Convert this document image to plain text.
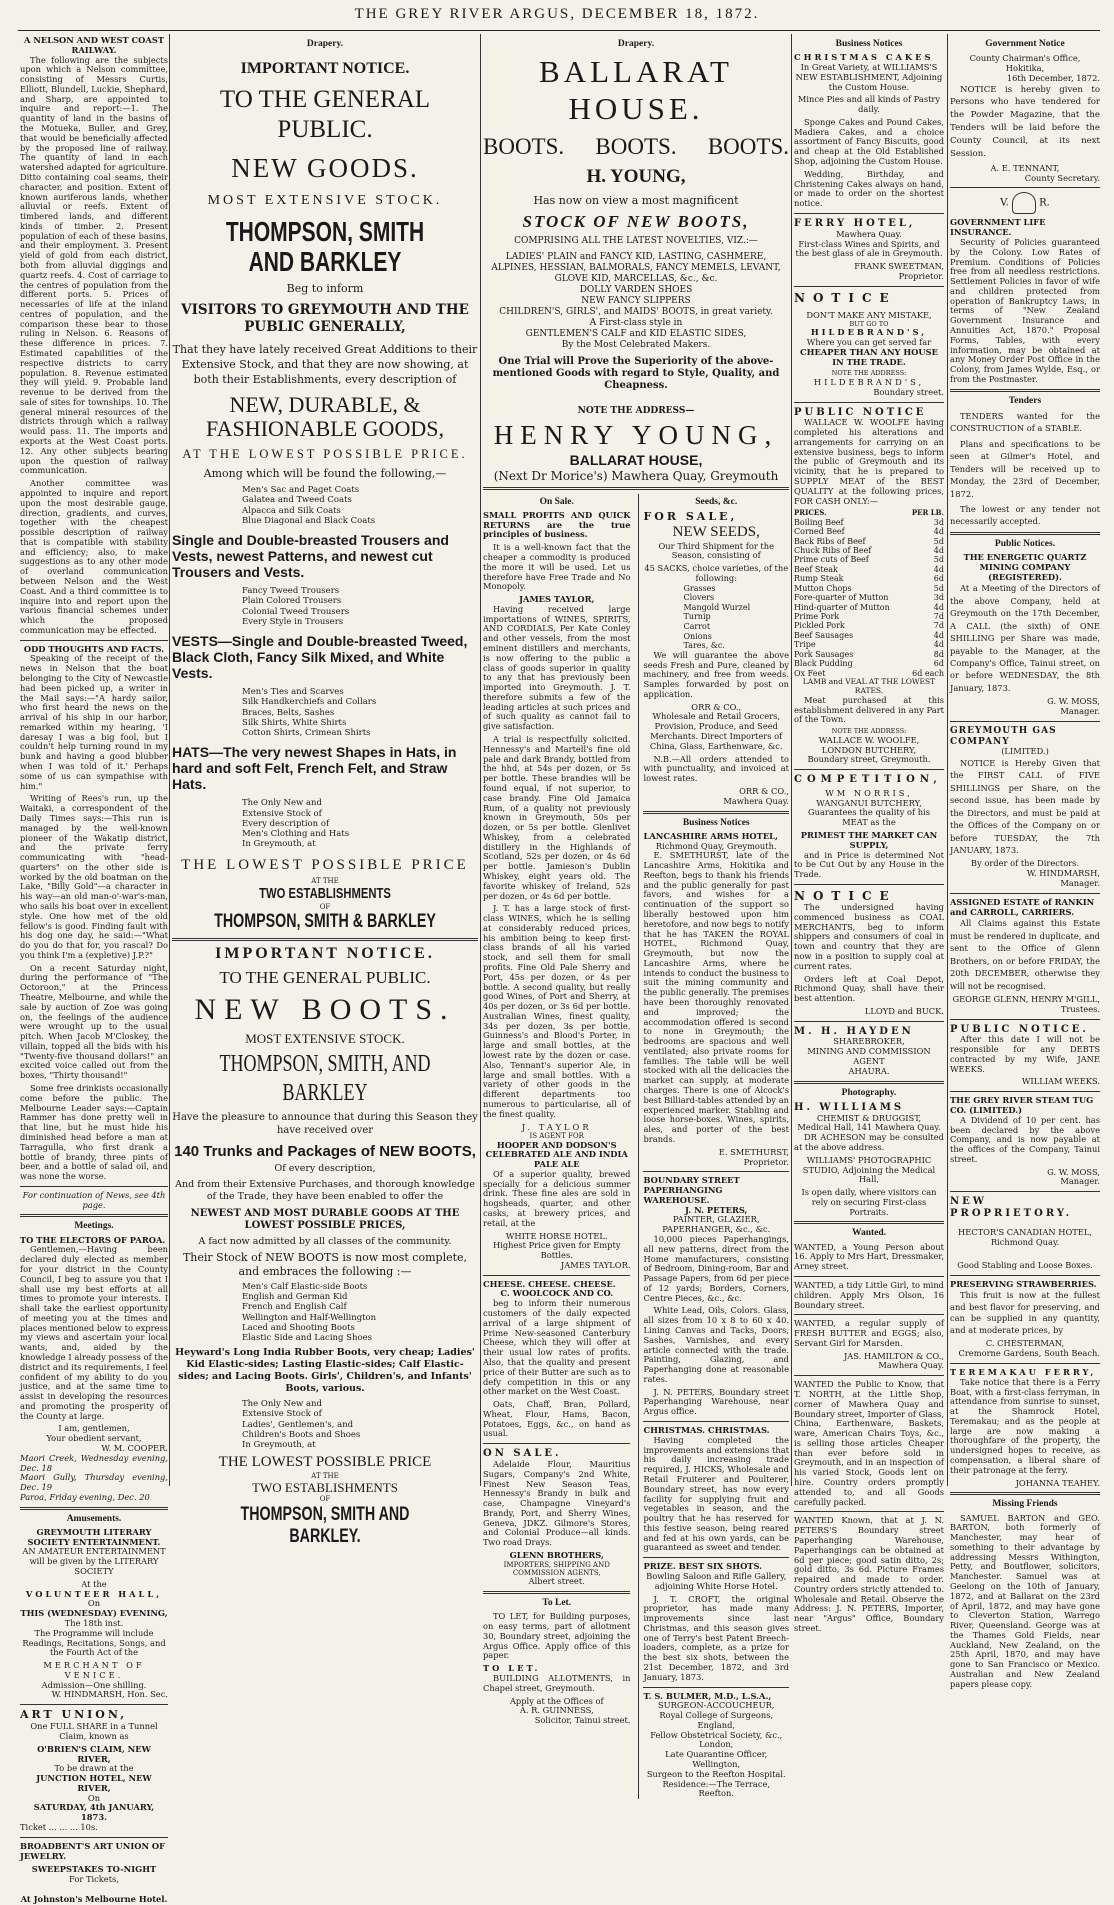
THE GREY RIVER ARGUS, DECEMBER 18, 1872.
A NELSON AND WEST COAST RAILWAY.

The following are the subjects upon which a Nelson committee, consisting of Messrs Curtis, Elliott, Blundell, Luckie, Shephard, and Sharp, are appointed to inquire and report:—1. The quantity of land in the basins of the Motueka, Buller, and Grey, that would be beneficially affected by the proposed line of railway. The quantity of land in each watershed adapted for agriculture. Ditto containing coal seams, their character, and position. Extent of known auriferous lands, whether alluvial or reefs. Extent of timbered lands, and different kinds of timber. 2. Present population of each of these basins, and their employment. 3. Present yield of gold from each district, both from alluvial diggings and quartz reefs. 4. Cost of carriage to the centres of population from the different ports. 5. Prices of necessaries of life at the inland centres of population, and the comparison these bear to those ruling in Nelson. 6. Reasons of these difference in prices. 7. Estimated capabilities of the respective districts to carry population. 8. Revenue estimated they will yield. 9. Probable land revenue to be derived from the sale of sites for townships. 10. The general mineral resources of the districts through which a railway would pass. 11. The imports and exports at the West Coast ports. 12. Any other subjects bearing upon the question of railway communication.

Another committee was appointed to inquire and report upon the most desirable gauge, direction, gradients, and curves, together with the cheapest possible description of railway that is compatible with stability and efficiency; also, to make suggestions as to any other mode of overland communication between Nelson and the West Coast. And a third committee is to inquire into and report upon the various financial schemes under which the proposed communication may be effected.

ODD THOUGHTS AND FACTS.

Speaking of the receipt of the news in Nelson that the boat belonging to the City of Newcastle had been picked up, a writer in the Mail says:—"A hardy sailor, who first heard the news on the arrival of his ship in our harbor, remarked within my hearing, 'I daresay I was a big fool, but I couldn't help turning round in my bunk and having a good blubber when I was told of it.' Perhaps some of us can sympathise with him."

Writing of Rees's run, up the Waitaki, a correspondent of the Daily Times says:—This run is managed by the well-known pioneer of the Wakatip district, and the private ferry communicating with "head-quarters" on the other side is worked by the old boatman on the Lake, "Billy Gold"—a character in his way—an old man-o'-war's-man, who sails his boat over in excellent style. One how met of the old fellow's is good. Finding fault with his dog one day, he said:—"What do you do that for, you rascal? Do you think I'm a (expletive) J.P.?"

On a recent Saturday night, during the performance of "The Octoroon," at the Princess Theatre, Melbourne, and while the sale by auction of Zoe was going on, the feelings of the audience were wrought up to the usual pitch. When Jacob M'Closkey, the villain, topped all the bids with his "Twenty-five thousand dollars!" an excited voice called out from the boxes, "Thirty thousand!"

Some free drinkists occasionally come before the public. The Melbourne Leader says:—Captain Rammer has done pretty well in that line, but he must hide his diminished head before a man at Tarragulla, who first drank a bottle of brandy, three pints of beer, and a bottle of salad oil, and was none the worse.

For continuation of News, see 4th page.
Meetings.
TO THE ELECTORS OF PAROA.

Gentlemen,—Having been declared duly elected as member for your district in the County Council, I beg to assure you that I shall use my best efforts at all times to promote your interests. I shall take the earliest opportunity of meeting you at the times and places mentioned below to express my views and ascertain your local wants, and, aided by the knowledge I already possess of the district and its requirements, I feel confident of my ability to do you justice, and at the same time to assist in developing the resources and promoting the prosperity of the County at large.

I am, gentlemen,
Your obedient servant,
W. M. COOPER.

Maori Creek, Wednesday evening, Dec. 18
Maori Gully, Thursday evening, Dec. 19
Paroa, Friday evening, Dec. 20

Amusements.
GREYMOUTH LITERARY SOCIETY ENTERTAINMENT.

AN AMATEUR ENTERTAINMENT will be given by the LITERARY SOCIETY

At the
VOLUNTEER HALL,
On
THIS (WEDNESDAY) EVENING,
The 18th inst.

The Programme will include Readings, Recitations, Songs, and the Fourth Act of the

MERCHANT OF VENICE.
Admission—One shilling.
W. HINDMARSH, Hon. Sec.
ART UNION,

One FULL SHARE in a Tunnel Claim, known as

O'BRIEN'S CLAIM, NEW RIVER,
To be drawn at the
JUNCTION HOTEL, NEW RIVER,
On
SATURDAY, 4th JANUARY, 1873.
Ticket ... ... ... 10s.
BROADBENT'S ART UNION OF JEWELRY.
SWEEPSTAKES TO-NIGHT
For Tickets,
At Johnston's Melbourne Hotel.
Drapery.
IMPORTANT NOTICE.
TO THE GENERAL PUBLIC.
NEW GOODS.
MOST EXTENSIVE STOCK.
THOMPSON, SMITH AND BARKLEY
Beg to inform
VISITORS TO GREYMOUTH AND THE PUBLIC GENERALLY,
That they have lately received Great Additions to their Extensive Stock, and that they are now showing, at both their Establishments, every description of
NEW, DURABLE, & FASHIONABLE GOODS,
AT THE LOWEST POSSIBLE PRICE.
Among which will be found the following,—
Men's Sac and Paget Coats
Galatea and Tweed Coats
Alpacca and Silk Coats
Blue Diagonal and Black Coats
Single and Double-breasted Trousers and Vests, newest Patterns, and newest cut Trousers and Vests.
Fancy Tweed Trousers
Plain Colored Trousers
Colonial Tweed Trousers
Every Style in Trousers
VESTS—Single and Double-breasted Tweed, Black Cloth, Fancy Silk Mixed, and White Vests.
Men's Ties and Scarves
Silk Handkerchiefs and Collars
Braces, Belts, Sashes
Silk Shirts, White Shirts
Cotton Shirts, Crimean Shirts
HATS—The very newest Shapes in Hats, in hard and soft Felt, French Felt, and Straw Hats.
The Only New and
Extensive Stock of
Every description of
Men's Clothing and Hats
In Greymouth, at
THE LOWEST POSSIBLE PRICE
AT THE
TWO ESTABLISHMENTS
OF
THOMPSON, SMITH & BARKLEY
IMPORTANT NOTICE.
TO THE GENERAL PUBLIC.
NEW BOOTS.
MOST EXTENSIVE STOCK.
THOMPSON, SMITH, AND BARKLEY
Have the pleasure to announce that during this Season they have received over
140 Trunks and Packages of NEW BOOTS,
Of every description,
And from their Extensive Purchases, and thorough knowledge of the Trade, they have been enabled to offer the
NEWEST AND MOST DURABLE GOODS AT THE LOWEST POSSIBLE PRICES,
A fact now admitted by all classes of the community.
Their Stock of NEW BOOTS is now most complete, and embraces the following :—
Men's Calf Elastic-side Boots
English and German Kid
French and English Calf
Wellington and Half-Wellington
Laced and Shooting Boots
Elastic Side and Lacing Shoes
Heyward's Long India Rubber Boots, very cheap; Ladies' Kid Elastic-sides; Lasting Elastic-sides; Calf Elastic-sides; and Lacing Boots. Girls', Children's, and Infants' Boots, various.
The Only New and
Extensive Stock of
Ladies', Gentlemen's, and
Children's Boots and Shoes
In Greymouth, at
THE LOWEST POSSIBLE PRICE
AT THE
TWO ESTABLISHMENTS
OF
THOMPSON, SMITH AND BARKLEY.
Drapery.
BALLARAT HOUSE.
BOOTS. BOOTS. BOOTS.
H. YOUNG,
Has now on view a most magnificent
STOCK OF NEW BOOTS,
COMPRISING ALL THE LATEST NOVELTIES, VIZ.:—
LADIES' PLAIN and FANCY KID, LASTING, CASHMERE, ALPINES, HESSIAN, BALMORALS, FANCY MEMELS, LEVANT, GLOVE KID, MARCELLAS, &c., &c.
DOLLY VARDEN SHOES
NEW FANCY SLIPPERS
CHILDREN'S, GIRLS', and MAIDS' BOOTS, in great variety.
A First-class style in
GENTLEMEN'S CALF and KID ELASTIC SIDES,
By the Most Celebrated Makers.
One Trial will Prove the Superiority of the above-mentioned Goods with regard to Style, Quality, and Cheapness.
NOTE THE ADDRESS—
HENRY YOUNG,
BALLARAT HOUSE,
(Next Dr Morice's) Mawhera Quay, Greymouth
On Sale.

SMALL PROFITS AND QUICK RETURNS are the true principles of business.

It is a well-known fact that the cheaper a commodity is produced the more it will be used. Let us therefore have Free Trade and No Monopoly.

JAMES TAYLOR,

Having received large importations of WINES, SPIRITS, AND CORDIALS, Per Kate Conley and other vessels, from the most eminent distillers and merchants, is now offering to the public a class of goods superior in quality to any that has previously been imported into Greymouth. J. T. therefore submits a few of the leading articles at such prices and of such quality as cannot fail to give satisfaction.

A trial is respectfully solicited. Hennessy's and Martell's fine old pale and dark Brandy, bottled from the hhd, at 54s per dozen, or 5s per bottle. These brandies will be found equal, if not superior, to case brandy. Fine Old Jamaica Rum, of a quality not previously known in Greymouth, 50s per dozen, or 5s per bottle. Glenlivet Whiskey, from a celebrated distillery in the Highlands of Scotland, 52s per dozen, or 4s 6d per bottle. Jamieson's Dublin Whiskey, eight years old. The favorite whiskey of Ireland, 52s per dozen, or 4s 6d per bottle.

J. T. has a large stock of first-class WINES, which he is selling at considerably reduced prices, his ambition being to keep first-class brands of all his varied stock, and sell them for small profits. Fine Old Pale Sherry and Port, 45s per dozen, or 4s per bottle. A second quality, but really good Wines, of Port and Sherry, at 40s per dozen, or 3s 6d per bottle. Australian Wines, finest quality, 34s per dozen, 3s per bottle. Guinness's and Blood's Porter, in large and small bottles, at the lowest rate by the dozen or case. Also, Tennant's superior Ale, in large and small bottles. With a variety of other goods in the different departments too numerous to particularise, all of the finest quality.

J. TAYLOR
IS AGENT FOR
HOOPER AND DODSON'S CELEBRATED ALE AND INDIA PALE ALE

Of a superior quality, brewed specially for a delicious summer drink. These fine ales are sold in hogsheads, quarter, and other casks, at brewery prices, and retail, at the

WHITE HORSE HOTEL.
Highest Price given for Empty Bottles.
JAMES TAYLOR.
CHEESE. CHEESE. CHEESE.
C. WOOLCOCK AND CO.

beg to inform their numerous customers of the daily expected arrival of a large shipment of Prime New-seasoned Canterbury Cheese, which they will offer at their usual low rates of profits. Also, that the quality and present price of their Butter are such as to defy competition in this or any other market on the West Coast.

Oats, Chaff, Bran, Pollard, Wheat, Flour, Hams, Bacon, Potatoes, Eggs, &c., on hand as usual.

ON SALE.

Adelaide Flour, Mauritius Sugars, Company's 2nd White, Finest New Season Teas, Hennessy's Brandy in bulk and case, Champagne Vineyard's Brandy, Port, and Sherry Wines, Geneva, JDKZ. Gilmore's Stores, and Colonial Produce—all kinds. Two road Drays.

GLENN BROTHERS,
IMPORTERS, SHIPPING AND COMMISSION AGENTS,
Albert street.
To Let.

TO LET, for Building purposes, on easy terms, part of allotment 30, Boundary street, adjoining the Argus Office. Apply office of this paper.

TO LET.

BUILDING ALLOTMENTS, in Chapel street, Greymouth.

Apply at the Offices of
A. R. GUINNESS,
Solicitor, Tainui street.
Seeds, &c.
FOR SALE,
NEW SEEDS,

Our Third Shipment for the Season, consisting of

45 SACKS, choice varieties, of the following:
Grasses
Clovers
Mangold Wurzel
Turnip
Carrot
Onions
Tares, &c.

We will guarantee the above seeds Fresh and Pure, cleaned by machinery, and free from weeds. Samples forwarded by post on application.

ORR & CO.,

Wholesale and Retail Grocers, Provision, Produce, and Seed Merchants. Direct Importers of China, Glass, Earthenware, &c.

N.B.—All orders attended to with punctuality, and invoiced at lowest rates.

ORR & CO.,
Mawhera Quay.
Business Notices
LANCASHIRE ARMS HOTEL,
Richmond Quay, Greymouth.

E. SMETHURST, late of the Lancashire Arms, Hokitika and Reefton, begs to thank his friends and the public generally for past favors, and wishes for a continuation of the support so liberally bestowed upon him heretofore, and now begs to notify that he has TAKEN the ROYAL HOTEL, Richmond Quay, Greymouth, but now the Lancashire Arms, where he intends to conduct the business to suit the mining community and the public generally. The premises have been thoroughly renovated and improved; the accommodation offered is second to none in Greymouth; the bedrooms are spacious and well ventilated; also private rooms for families. The table will be well stocked with all the delicacies the market can supply, at moderate charges. There is one of Alcock's best Billiard-tables attended by an experienced marker. Stabling and loose horse-boxes. Wines, spirits, ales, and porter of the best brands.

E. SMETHURST,
Proprietor.
BOUNDARY STREET PAPERHANGING WAREHOUSE.
J. N. PETERS,
PAINTER, GLAZIER, PAPERHANGER, &c., &c.

10,000 pieces Paperhangings, all new patterns, direct from the Home manufacturers, consisting of Bedroom, Dining-room, Bar and Passage Papers, from 6d per piece of 12 yards; Borders, Corners, Centre Pieces, &c., &c.

White Lead, Oils, Colors. Glass, all sizes from 10 x 8 to 60 x 40. Lining Canvas and Tacks, Doors, Sashes, Varnishes, and every article connected with the trade. Painting, Glazing, and Paperhanging done at reasonable rates.

J. N. PETERS, Boundary street Paperhanging Warehouse, near Argus office.

CHRISTMAS. CHRISTMAS.

Having completed the improvements and extensions that his daily increasing trade required, J. HICKS, Wholesale and Retail Fruiterer and Poulterer, Boundary street, has now every facility for supplying fruit and vegetables in season, and the poultry that he has reserved for this festive season, being reared and fed at his own yards, can be guaranteed as sweet and tender.

PRIZE. BEST SIX SHOTS.

Bowling Saloon and Rifle Gallery, adjoining White Horse Hotel.

J. T. CROFT, the original proprietor, has made many improvements since last Christmas, and this season gives one of Terry's best Patent Breech-loaders, complete, as a prize for the best six shots, between the 21st December, 1872, and 3rd January, 1873.

T. S. BULMER, M.D., L.S.A.,
SURGEON-ACCOUCHEUR,
Royal College of Surgeons, England,
Fellow Obstetrical Society, &c., London,
Late Quarantine Officer, Wellington,
Surgeon to the Reefton Hospital.
Residence:—The Terrace, Reefton.
Business Notices
CHRISTMAS CAKES

In Great Variety, at WILLIAMS'S NEW ESTABLISHMENT, Adjoining the Custom House.

Mince Pies and all kinds of Pastry daily.

Sponge Cakes and Pound Cakes, Madiera Cakes, and a choice assortment of Fancy Biscuits, good and cheap at the Old Established Shop, adjoining the Custom House.

Wedding, Birthday, and Christening Cakes always on hand, or made to order on the shortest notice.

FERRY HOTEL,
Mawhera Quay.

First-class Wines and Spirits, and the best glass of ale in Greymouth.

FRANK SWEETMAN,
Proprietor.
NOTICE
DON'T MAKE ANY MISTAKE,
BUT GO TO
HILDEBRAND'S,
Where you can get served far
CHEAPER THAN ANY HOUSE IN THE TRADE.
NOTE THE ADDRESS:
HILDEBRAND'S,
Boundary street.
PUBLIC NOTICE

WALLACE W. WOOLFE having completed his alterations and arrangements for carrying on an extensive business, begs to inform the public of Greymouth and its vicinity, that he is prepared to SUPPLY MEAT of the BEST QUALITY at the following prices, FOR CASH ONLY:—

PRICES.	PER LB.
Boiling Beef	3d
Corned Beef	4d
Back Ribs of Beef	5d
Chuck Ribs of Beef	4d
Prime cuts of Beef	5d
Beef Steak	4d
Rump Steak	6d
Mutton Chops	5d
Fore-quarter of Mutton	3d
Hind-quarter of Mutton	4d
Prime Pork	7d
Pickled Pork	7d
Beef Sausages	4d
Tripe	4d
Pork Sausages	8d
Black Pudding	6d
Ox Feet	6d each
LAMB and VEAL AT THE LOWEST RATES.

Meat purchased at this establishment delivered in any Part of the Town.

NOTE THE ADDRESS:
WALLACE W. WOOLFE,
LONDON BUTCHERY,
Boundary street, Greymouth.
COMPETITION,
WM NORRIS,
WANGANUI BUTCHERY,

Guarantees the quality of his MEAT as the

PRIMEST THE MARKET CAN SUPPLY,

and in Price is determined Not to be Cut Out by any House in the Trade.

NOTICE

The undersigned having commenced business as COAL MERCHANTS, beg to inform shippers and consumers of coal in town and country that they are now in a position to supply coal at current rates.

Orders left at Coal Depot, Richmond Quay, shall have their best attention.

LLOYD and BUCK.
M. H. HAYDEN
SHAREBROKER,
MINING AND COMMISSION AGENT
AHAURA.
Photography.
H. WILLIAMS
CHEMIST & DRUGGIST,
Medical Hall, 141 Mawhera Quay.

DR ACHESON may be consulted at the above address.

WILLIAMS' PHOTOGRAPHIC STUDIO, Adjoining the Medical Hall,

Is open daily, where visitors can rely on securing First-class Portraits.

Wanted.

WANTED, a Young Person about 16. Apply to Mrs Hart, Dressmaker, Arney street.

WANTED, a tidy Little Girl, to mind children. Apply Mrs Olson, 16 Boundary street.

WANTED, a regular supply of FRESH BUTTER and EGGS; also, Servant Girl for Marsden.

JAS. HAMILTON & CO.,
Mawhera Quay.

WANTED the Public to Know, that T. NORTH, at the Little Shop, corner of Mawhera Quay and Boundary street, Importer of Glass, China, Earthenware, Baskets, ware, American Chairs Toys, &c., is selling those articles Cheaper than ever before sold in Greymouth, and in an inspection of his varied Stock, Goods lent on hire. Country orders promptly attended to, and all Goods carefully packed.

WANTED Known, that at J. N. PETERS'S Boundary street Paperhanging Warehouse, Paperhangings can be obtained at 6d per piece; good satin ditto, 2s; gold ditto, 3s 6d. Picture Frames repaired and made to order. Country orders strictly attended to. Wholesale and Retail. Observe the Address: J. N. PETERS, Importer, near "Argus" Office, Boundary street.

Government Notice
County Chairman's Office, Hokitika,
16th December, 1872.

NOTICE is hereby given to Persons who have tendered for the Powder Magazine, that the Tenders will be laid before the County Council, at its next Session.

A. E. TENNANT,
County Secretary.
V.	R.
GOVERNMENT LIFE INSURANCE.

Security of Policies guaranteed by the Colony. Low Rates of Premium. Conditions of Policies free from all needless restrictions. Settlement Policies in favor of wife and children protected from operation of Bankruptcy Laws, in terms of "New Zealand Government Insurance and Annuities Act, 1870." Proposal Forms, Tables, with every information, may be obtained at any Money Order Post Office in the Colony, from James Wylde, Esq., or from the Postmaster.

Tenders

TENDERS wanted for the CONSTRUCTION of a STABLE.

Plans and specifications to be seen at Gilmer's Hotel, and Tenders will be received up to Monday, the 23rd of December, 1872.

The lowest or any tender not necessarily accepted.

Public Notices.
THE ENERGETIC QUARTZ MINING COMPANY (REGISTERED).

At a Meeting of the Directors of the above Company, held at Greymouth on the 17th December, A CALL (the sixth) of ONE SHILLING per Share was made, payable to the Manager, at the Company's Office, Tainui street, on or before WEDNESDAY, the 8th January, 1873.

G. W. MOSS,
Manager.
GREYMOUTH GAS COMPANY
(LIMITED.)

NOTICE is Hereby Given that the FIRST CALL of FIVE SHILLINGS per Share, on the second issue, has been made by the Directors, and must be paid at the Offices of the Company on or before TUESDAY, the 7th JANUARY, 1873.

By order of the Directors.
W. HINDMARSH,
Manager.
ASSIGNED ESTATE of RANKIN and CARROLL, CARRIERS.

All Claims against this Estate must be rendered in duplicate, and sent to the Office of Glenn Brothers, on or before FRIDAY, the 20th DECEMBER, otherwise they will not be recognised.

GEORGE GLENN, HENRY M'GILL, Trustees.
PUBLIC NOTICE.

After this date I will not be responsible for any DEBTS contracted by my Wife, JANE WEEKS.

WILLIAM WEEKS.
THE GREY RIVER STEAM TUG CO. (LIMITED.)

A Dividend of 10 per cent. has been declared by the above Company, and is now payable at the offices of the Company, Tainui street.

G. W. MOSS,
Manager.
NEW PROPRIETORY.
HECTOR'S CANADIAN HOTEL,
Richmond Quay.
Good Stabling and Loose Boxes.
PRESERVING STRAWBERRIES.

This fruit is now at the fullest and best flavor for preserving, and can be supplied in any quantity, and at moderate prices, by

C. CHESTERMAN,
Cremorne Gardens, South Beach.
TEREMAKAU FERRY,

Take notice that there is a Ferry Boat, with a first-class ferryman, in attendance from sunrise to sunset, at the Shamrock Hotel, Teremakau; and as the people at large are now making a thoroughfare of the property, the undersigned hopes to receive, as compensation, a liberal share of their patronage at the ferry.

JOHANNA TEAHEY.
Missing Friends

SAMUEL BARTON and GEO. BARTON, both formerly of Manchester, may hear of something to their advantage by addressing Messrs Withington, Petty, and Boutflower, solicitors, Manchester. Samuel was at Geelong on the 10th of January, 1872, and at Ballarat on the 23rd of April, 1872, and may have gone to Cleverton Station, Warrego River, Queensland. George was at the Thames Gold Fields, near Auckland, New Zealand, on the 25th April, 1870, and may have gone to San Francisco or Mexico. Australian and New Zealand papers please copy.
